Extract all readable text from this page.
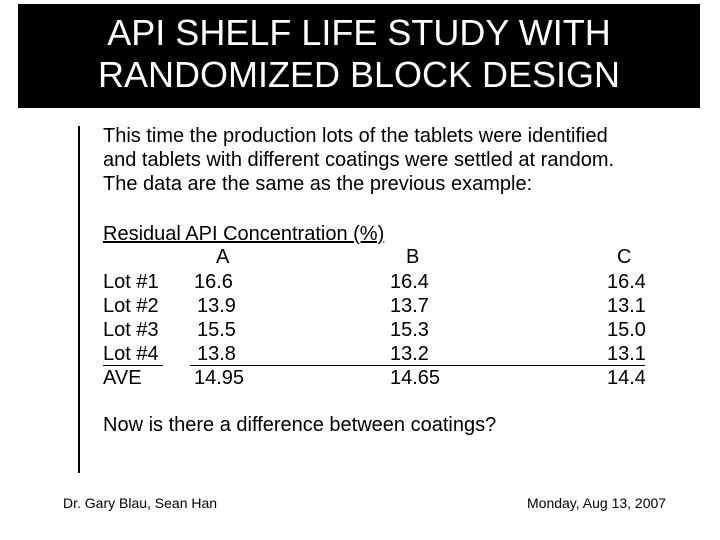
API SHELF LIFE STUDY WITH
RANDOMIZED BLOCK DESIGN
This time the production lots of the tablets were identified
and tablets with different coatings were settled at random.
The data are the same as the previous example:
Residual API Concentration (%)
A	B	C
Lot #1 16.6	16.4	16.4
Lot #2 13.9	13.7	13.1
Lot #3 15.5	15.3	15.0
Lot #4 13.8	13.2	13.1
AVE	14.95	14.65	14.4
Now is there a difference between coatings?
Dr. Gary Blau, Sean Han	Monday, Aug 13, 2007
